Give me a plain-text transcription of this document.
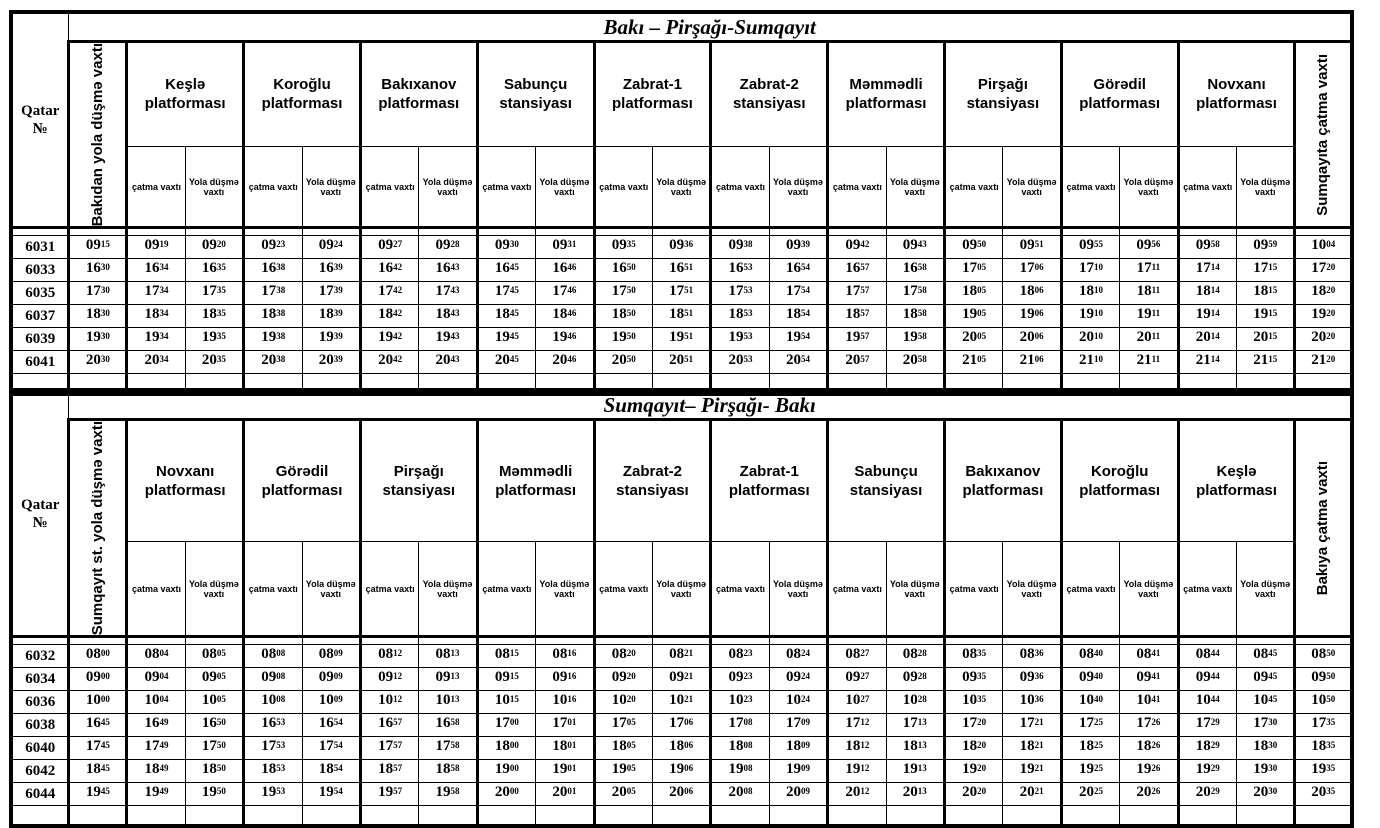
Qatar №	Bakı – Pirşağı-Sumqayıt																					

	Bakıdan yola düşmə vaxtı	Keşlə platforması		Koroğlu platforması		Bakıxanov platforması		Sabunçu stansiyası		Zabrat-1 platforması		Zabrat-2 stansiyası		Məmmədli platforması		Pirşağı stansiyası		Görədil platforması		Novxanı platforması		Sumqayıta çatma vaxtı

		çatma vaxtı	Yola düşmə vaxtı	çatma vaxtı	Yola düşmə vaxtı	çatma vaxtı	Yola düşmə vaxtı	çatma vaxtı	Yola düşmə vaxtı	çatma vaxtı	Yola düşmə vaxtı	çatma vaxtı	Yola düşmə vaxtı	çatma vaxtı	Yola düşmə vaxtı	çatma vaxtı	Yola düşmə vaxtı	çatma vaxtı	Yola düşmə vaxtı	çatma vaxtı	Yola düşmə vaxtı	

6031	$09^{15}$	$09^{19}$	$09^{20}$	$09^{23}$	$09^{24}$	$09^{27}$	$09^{28}$	$09^{30}$	$09^{31}$	$09^{35}$	$09^{36}$	$09^{38}$	$09^{39}$	$09^{42}$	$09^{43}$	$09^{50}$	$09^{51}$	$09^{55}$	$09^{56}$	$09^{58}$	$09^{59}$	$10^{04}$
6033	$16^{30}$	$16^{34}$	$16^{35}$	$16^{38}$	$16^{39}$	$16^{42}$	$16^{43}$	$16^{45}$	$16^{46}$	$16^{50}$	$16^{51}$	$16^{53}$	$16^{54}$	$16^{57}$	$16^{58}$	$17^{05}$	$17^{06}$	$17^{10}$	$17^{11}$	$17^{14}$	$17^{15}$	$17^{20}$
6035	$17^{30}$	$17^{34}$	$17^{35}$	$17^{38}$	$17^{39}$	$17^{42}$	$17^{43}$	$17^{45}$	$17^{46}$	$17^{50}$	$17^{51}$	$17^{53}$	$17^{54}$	$17^{57}$	$17^{58}$	$18^{05}$	$18^{06}$	$18^{10}$	$18^{11}$	$18^{14}$	$18^{15}$	$18^{20}$
6037	$18^{30}$	$18^{34}$	$18^{35}$	$18^{38}$	$18^{39}$	$18^{42}$	$18^{43}$	$18^{45}$	$18^{46}$	$18^{50}$	$18^{51}$	$18^{53}$	$18^{54}$	$18^{57}$	$18^{58}$	$19^{05}$	$19^{06}$	$19^{10}$	$19^{11}$	$19^{14}$	$19^{15}$	$19^{20}$
6039	$19^{30}$	$19^{34}$	$19^{35}$	$19^{38}$	$19^{39}$	$19^{42}$	$19^{43}$	$19^{45}$	$19^{46}$	$19^{50}$	$19^{51}$	$19^{53}$	$19^{54}$	$19^{57}$	$19^{58}$	$20^{05}$	$20^{06}$	$20^{10}$	$20^{11}$	$20^{14}$	$20^{15}$	$20^{20}$
6041	$20^{30}$	$20^{34}$	$20^{35}$	$20^{38}$	$20^{39}$	$20^{42}$	$20^{43}$	$20^{45}$	$20^{46}$	$20^{50}$	$20^{51}$	$20^{53}$	$20^{54}$	$20^{57}$	$20^{58}$	$21^{05}$	$21^{06}$	$21^{10}$	$21^{11}$	$21^{14}$	$21^{15}$	$21^{20}$

Qatar №	Sumqayıt– Pirşağı- Bakı																					

	Sumqayıt st. yola düşmə vaxtı	Novxanı platforması		Görədil platforması		Pirşağı stansiyası		Məmmədli platforması		Zabrat-2 stansiyası		Zabrat-1 platforması		Sabunçu stansiyası		Bakıxanov platforması		Koroğlu platforması		Keşlə platforması		Bakıya çatma vaxtı

		çatma vaxtı	Yola düşmə vaxtı	çatma vaxtı	Yola düşmə vaxtı	çatma vaxtı	Yola düşmə vaxtı	çatma vaxtı	Yola düşmə vaxtı	çatma vaxtı	Yola düşmə vaxtı	çatma vaxtı	Yola düşmə vaxtı	çatma vaxtı	Yola düşmə vaxtı	çatma vaxtı	Yola düşmə vaxtı	çatma vaxtı	Yola düşmə vaxtı	çatma vaxtı	Yola düşmə vaxtı	

6032	$08^{00}$	$08^{04}$	$08^{05}$	$08^{08}$	$08^{09}$	$08^{12}$	$08^{13}$	$08^{15}$	$08^{16}$	$08^{20}$	$08^{21}$	$08^{23}$	$08^{24}$	$08^{27}$	$08^{28}$	$08^{35}$	$08^{36}$	$08^{40}$	$08^{41}$	$08^{44}$	$08^{45}$	$08^{50}$
6034	$09^{00}$	$09^{04}$	$09^{05}$	$09^{08}$	$09^{09}$	$09^{12}$	$09^{13}$	$09^{15}$	$09^{16}$	$09^{20}$	$09^{21}$	$09^{23}$	$09^{24}$	$09^{27}$	$09^{28}$	$09^{35}$	$09^{36}$	$09^{40}$	$09^{41}$	$09^{44}$	$09^{45}$	$09^{50}$
6036	$10^{00}$	$10^{04}$	$10^{05}$	$10^{08}$	$10^{09}$	$10^{12}$	$10^{13}$	$10^{15}$	$10^{16}$	$10^{20}$	$10^{21}$	$10^{23}$	$10^{24}$	$10^{27}$	$10^{28}$	$10^{35}$	$10^{36}$	$10^{40}$	$10^{41}$	$10^{44}$	$10^{45}$	$10^{50}$
6038	$16^{45}$	$16^{49}$	$16^{50}$	$16^{53}$	$16^{54}$	$16^{57}$	$16^{58}$	$17^{00}$	$17^{01}$	$17^{05}$	$17^{06}$	$17^{08}$	$17^{09}$	$17^{12}$	$17^{13}$	$17^{20}$	$17^{21}$	$17^{25}$	$17^{26}$	$17^{29}$	$17^{30}$	$17^{35}$
6040	$17^{45}$	$17^{49}$	$17^{50}$	$17^{53}$	$17^{54}$	$17^{57}$	$17^{58}$	$18^{00}$	$18^{01}$	$18^{05}$	$18^{06}$	$18^{08}$	$18^{09}$	$18^{12}$	$18^{13}$	$18^{20}$	$18^{21}$	$18^{25}$	$18^{26}$	$18^{29}$	$18^{30}$	$18^{35}$
6042	$18^{45}$	$18^{49}$	$18^{50}$	$18^{53}$	$18^{54}$	$18^{57}$	$18^{58}$	$19^{00}$	$19^{01}$	$19^{05}$	$19^{06}$	$19^{08}$	$19^{09}$	$19^{12}$	$19^{13}$	$19^{20}$	$19^{21}$	$19^{25}$	$19^{26}$	$19^{29}$	$19^{30}$	$19^{35}$
6044	$19^{45}$	$19^{49}$	$19^{50}$	$19^{53}$	$19^{54}$	$19^{57}$	$19^{58}$	$20^{00}$	$20^{01}$	$20^{05}$	$20^{06}$	$20^{08}$	$20^{09}$	$20^{12}$	$20^{13}$	$20^{20}$	$20^{21}$	$20^{25}$	$20^{26}$	$20^{29}$	$20^{30}$	$20^{35}$
